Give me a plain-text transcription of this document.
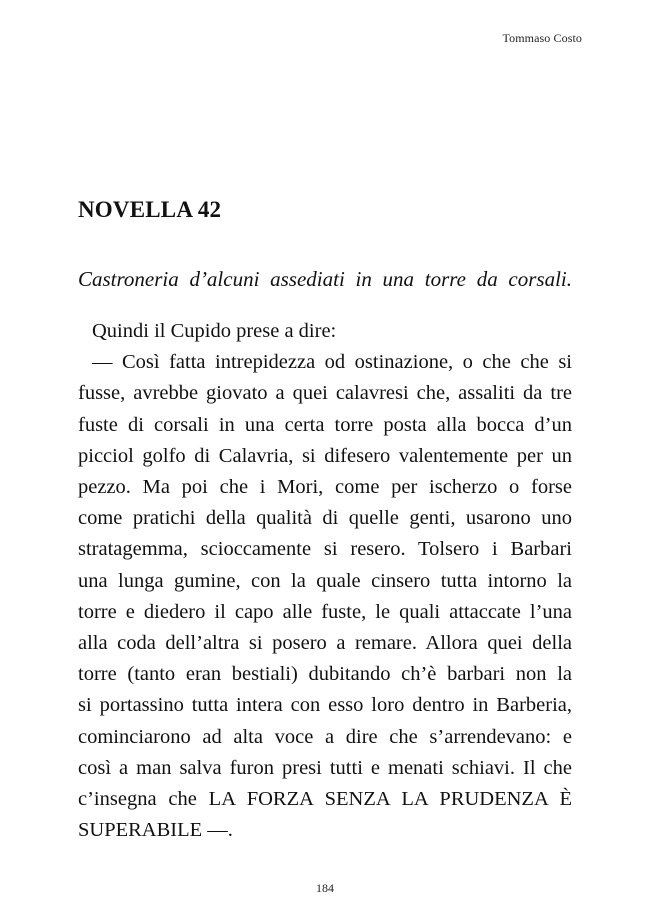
Tommaso Costo
NOVELLA 42

Castroneria d’alcuni assediati in una torre da corsali.

Quindi il Cupido prese a dire:
— Così fatta intrepidezza od ostinazione, o che che si
fusse, avrebbe giovato a quei calavresi che, assaliti da tre
fuste di corsali in una certa torre posta alla bocca d’un
picciol golfo di Calavria, si difesero valentemente per un
pezzo. Ma poi che i Mori, come per ischerzo o forse
come pratichi della qualità di quelle genti, usarono uno
stratagemma, scioccamente si resero. Tolsero i Barbari
una lunga gumine, con la quale cinsero tutta intorno la
torre e diedero il capo alle fuste, le quali attaccate l’una
alla coda dell’altra si posero a remare. Allora quei della
torre (tanto eran bestiali) dubitando ch’è barbari non la
si portassino tutta intera con esso loro dentro in Barberia,
cominciarono ad alta voce a dire che s’arrendevano: e
così a man salva furon presi tutti e menati schiavi. Il che
c’insegna che LA FORZA SENZA LA PRUDENZA È
SUPERABILE —.
184
